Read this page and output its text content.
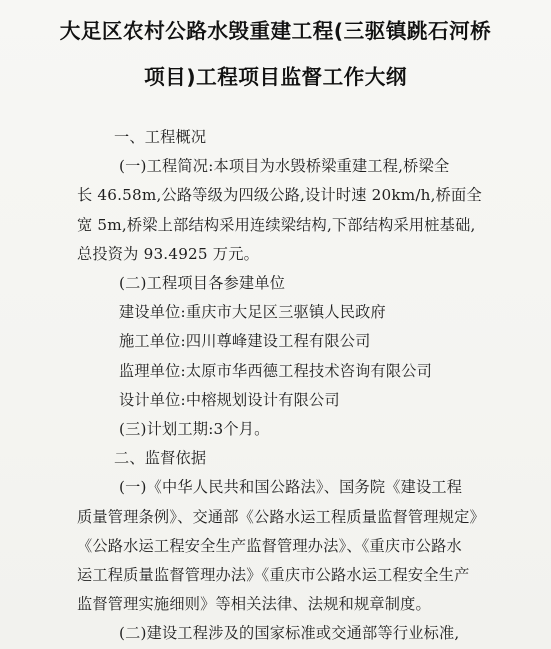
大足区农村公路水毁重建工程(三驱镇跳石河桥
项目)工程项目监督工作大纲
一、工程概况
(一)工程简况:本项目为水毁桥梁重建工程,桥梁全
长 46.58m,公路等级为四级公路,设计时速 20km/h,桥面全
宽 5m,桥梁上部结构采用连续梁结构,下部结构采用桩基础,
总投资为 93.4925 万元。
(二)工程项目各参建单位
建设单位:重庆市大足区三驱镇人民政府
施工单位:四川尊峰建设工程有限公司
监理单位:太原市华西德工程技术咨询有限公司
设计单位:中榕规划设计有限公司
(三)计划工期:3个月。
二、监督依据
(一)《中华人民共和国公路法》、国务院《建设工程
质量管理条例》、交通部《公路水运工程质量监督管理规定》
《公路水运工程安全生产监督管理办法》、《重庆市公路水
运工程质量监督管理办法》《重庆市公路水运工程安全生产
监督管理实施细则》等相关法律、法规和规章制度。
(二)建设工程涉及的国家标准或交通部等行业标准,
